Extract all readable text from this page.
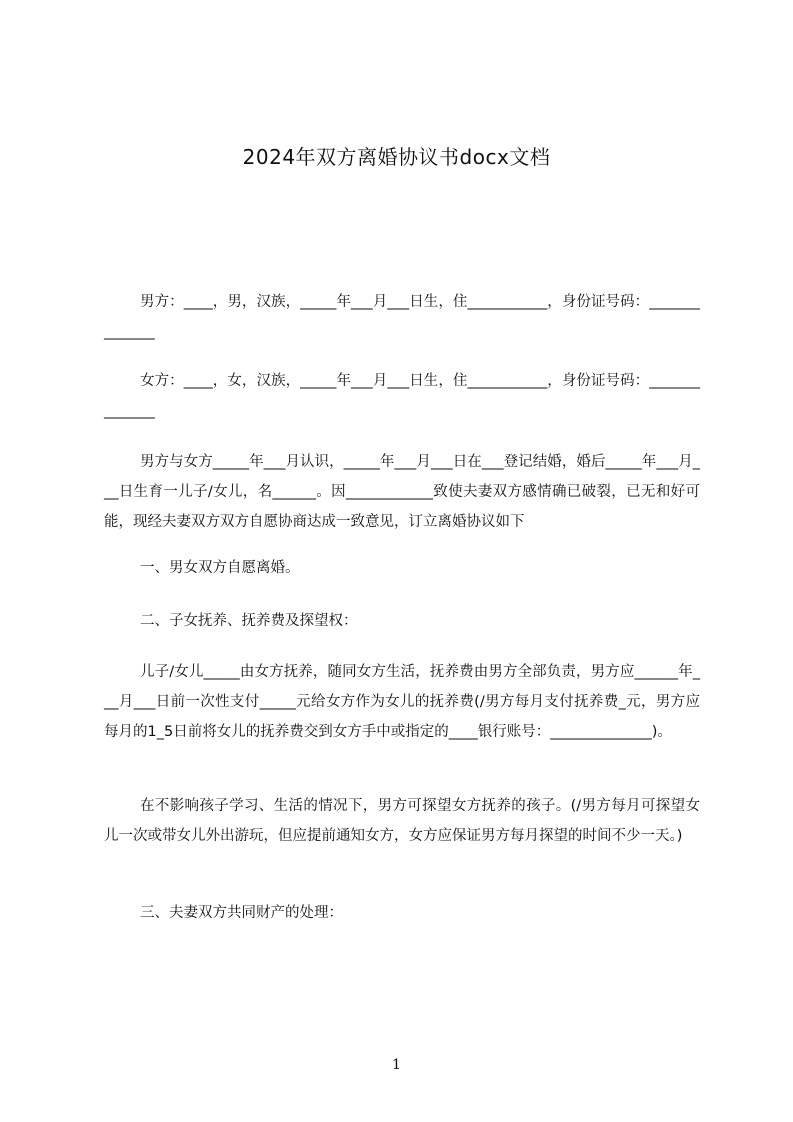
2024年双方离婚协议书docx文档
男方：____，男，汉族，_____年___月___日生，住___________，身份证号码：______________
女方：____，女，汉族，_____年___月___日生，住___________，身份证号码：______________
男方与女方_____年___月认识，_____年___月___日在___登记结婚，婚后_____年___月___日生育一儿子/女儿，名______。因____________致使夫妻双方感情确已破裂，已无和好可能，现经夫妻双方双方自愿协商达成一致意见，订立离婚协议如下
一、男女双方自愿离婚。
二、子女抚养、抚养费及探望权：
儿子/女儿_____由女方抚养，随同女方生活，抚养费由男方全部负责，男方应______年___月___日前一次性支付_____元给女方作为女儿的抚养费(/男方每月支付抚养费_元，男方应每月的1_5日前将女儿的抚养费交到女方手中或指定的____银行账号：______________)。
在不影响孩子学习、生活的情况下，男方可探望女方抚养的孩子。(/男方每月可探望女儿一次或带女儿外出游玩，但应提前通知女方，女方应保证男方每月探望的时间不少一天。)
三、夫妻双方共同财产的处理：
1
